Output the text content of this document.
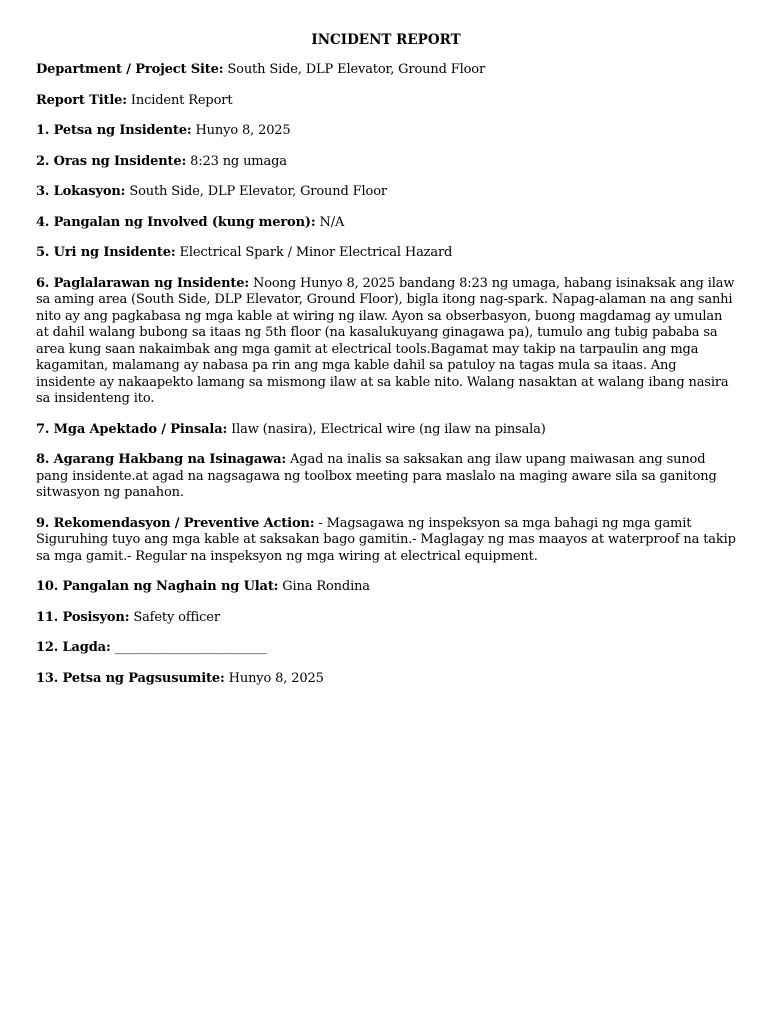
INCIDENT REPORT
Department / Project Site: South Side, DLP Elevator, Ground Floor
Report Title: Incident Report
1. Petsa ng Insidente: Hunyo 8, 2025
2. Oras ng Insidente: 8:23 ng umaga
3. Lokasyon: South Side, DLP Elevator, Ground Floor
4. Pangalan ng Involved (kung meron): N/A
5. Uri ng Insidente: Electrical Spark / Minor Electrical Hazard
6. Paglalarawan ng Insidente: Noong Hunyo 8, 2025 bandang 8:23 ng umaga, habang isinaksak ang ilaw sa aming area (South Side, DLP Elevator, Ground Floor), bigla itong nag-spark. Napag-alaman na ang sanhi nito ay ang pagkabasa ng mga kable at wiring ng ilaw. Ayon sa obserbasyon, buong magdamag ay umulan at dahil walang bubong sa itaas ng 5th floor (na kasalukuyang ginagawa pa), tumulo ang tubig pababa sa area kung saan nakaimbak ang mga gamit at electrical tools.Bagamat may takip na tarpaulin ang mga kagamitan, malamang ay nabasa pa rin ang mga kable dahil sa patuloy na tagas mula sa itaas. Ang insidente ay nakaapekto lamang sa mismong ilaw at sa kable nito. Walang nasaktan at walang ibang nasira sa insidenteng ito.
7. Mga Apektado / Pinsala: Ilaw (nasira), Electrical wire (ng ilaw na pinsala)
8. Agarang Hakbang na Isinagawa: Agad na inalis sa saksakan ang ilaw upang maiwasan ang sunod pang insidente.at agad na nagsagawa ng toolbox meeting para maslalo na maging aware sila sa ganitong sitwasyon ng panahon.
9. Rekomendasyon / Preventive Action: - Magsagawa ng inspeksyon sa mga bahagi ng mga gamit Siguruhing tuyo ang mga kable at saksakan bago gamitin.- Maglagay ng mas maayos at waterproof na takip sa mga gamit.- Regular na inspeksyon ng mga wiring at electrical equipment.
10. Pangalan ng Naghain ng Ulat: Gina Rondina
11. Posisyon: Safety officer
12. Lagda: ________________________
13. Petsa ng Pagsusumite: Hunyo 8, 2025
